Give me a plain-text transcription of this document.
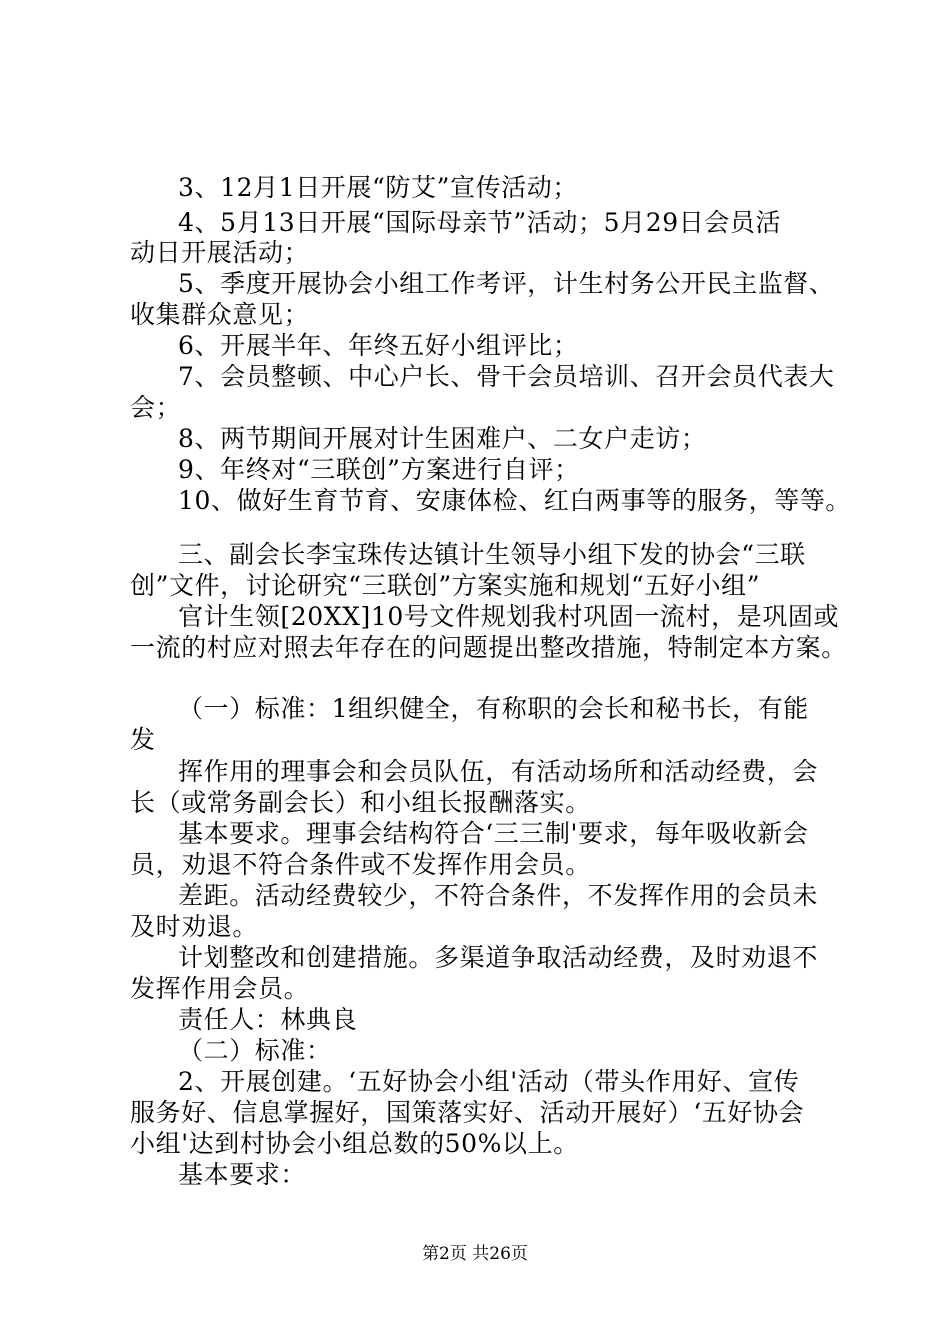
3、12月1日开展“防艾”宣传活动；
4、5月13日开展“国际母亲节”活动；5月29日会员活
动日开展活动；
5、季度开展协会小组工作考评，计生村务公开民主监督、
收集群众意见；
6、开展半年、年终五好小组评比；
7、会员整顿、中心户长、骨干会员培训、召开会员代表大
会；
8、两节期间开展对计生困难户、二女户走访；
9、年终对“三联创”方案进行自评；
10、做好生育节育、安康体检、红白两事等的服务，等等。
三、副会长李宝珠传达镇计生领导小组下发的协会“三联
创”文件，讨论研究“三联创”方案实施和规划“五好小组”
官计生领[20XX]10号文件规划我村巩固一流村，是巩固或
一流的村应对照去年存在的问题提出整改措施，特制定本方案。
（一）标准：1组织健全，有称职的会长和秘书长，有能
发
挥作用的理事会和会员队伍，有活动场所和活动经费，会
长（或常务副会长）和小组长报酬落实。
基本要求。理事会结构符合‘三三制'要求，每年吸收新会
员，劝退不符合条件或不发挥作用会员。
差距。活动经费较少，不符合条件，不发挥作用的会员未
及时劝退。
计划整改和创建措施。多渠道争取活动经费，及时劝退不
发挥作用会员。
责任人：林典良
（二）标准：
2、开展创建。‘五好协会小组'活动（带头作用好、宣传
服务好、信息掌握好，国策落实好、活动开展好）‘五好协会
小组'达到村协会小组总数的50%以上。
基本要求：
第2页 共26页
